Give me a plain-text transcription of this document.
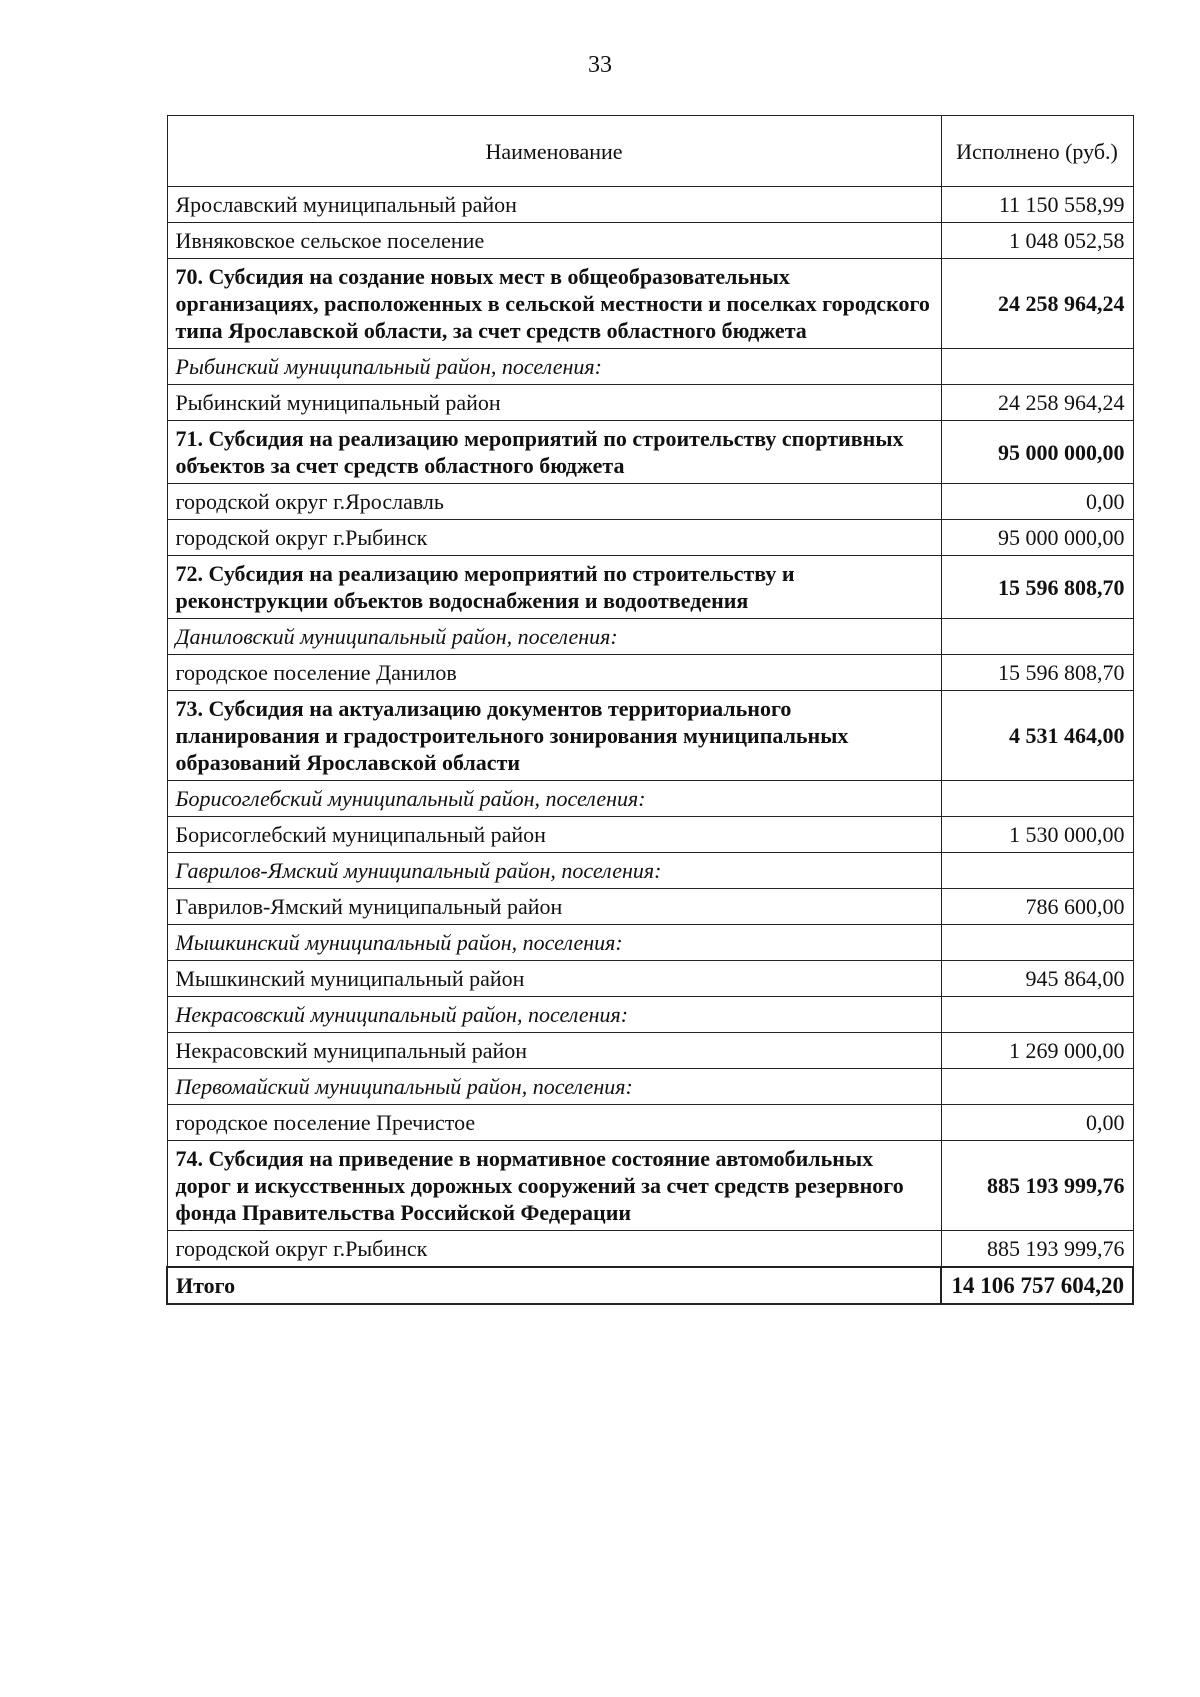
33
Наименование	Исполнено (руб.)
Ярославский муниципальный район	11 150 558,99
Ивняковское сельское поселение	1 048 052,58
70. Субсидия на создание новых мест в общеобразовательных организациях, расположенных в сельской местности и поселках городского типа Ярославской области, за счет средств областного бюджета	24 258 964,24
Рыбинский муниципальный район, поселения:	
Рыбинский муниципальный район	24 258 964,24
71. Субсидия на реализацию мероприятий по строительству спортивных объектов за счет средств областного бюджета	95 000 000,00
городской округ г.Ярославль	0,00
городской округ г.Рыбинск	95 000 000,00
72. Субсидия на реализацию мероприятий по строительству и реконструкции объектов водоснабжения и водоотведения	15 596 808,70
Даниловский муниципальный район, поселения:	
городское поселение Данилов	15 596 808,70
73. Субсидия на актуализацию документов территориального планирования и градостроительного зонирования муниципальных образований Ярославской области	4 531 464,00
Борисоглебский муниципальный район, поселения:	
Борисоглебский муниципальный район	1 530 000,00
Гаврилов-Ямский муниципальный район, поселения:	
Гаврилов-Ямский муниципальный район	786 600,00
Мышкинский муниципальный район, поселения:	
Мышкинский муниципальный район	945 864,00
Некрасовский муниципальный район, поселения:	
Некрасовский муниципальный район	1 269 000,00
Первомайский муниципальный район, поселения:	
городское поселение Пречистое	0,00
74. Субсидия на приведение в нормативное состояние автомобильных дорог и искусственных дорожных сооружений за счет средств резервного фонда Правительства Российской Федерации	885 193 999,76
городской округ г.Рыбинск	885 193 999,76
Итого	14 106 757 604,20
